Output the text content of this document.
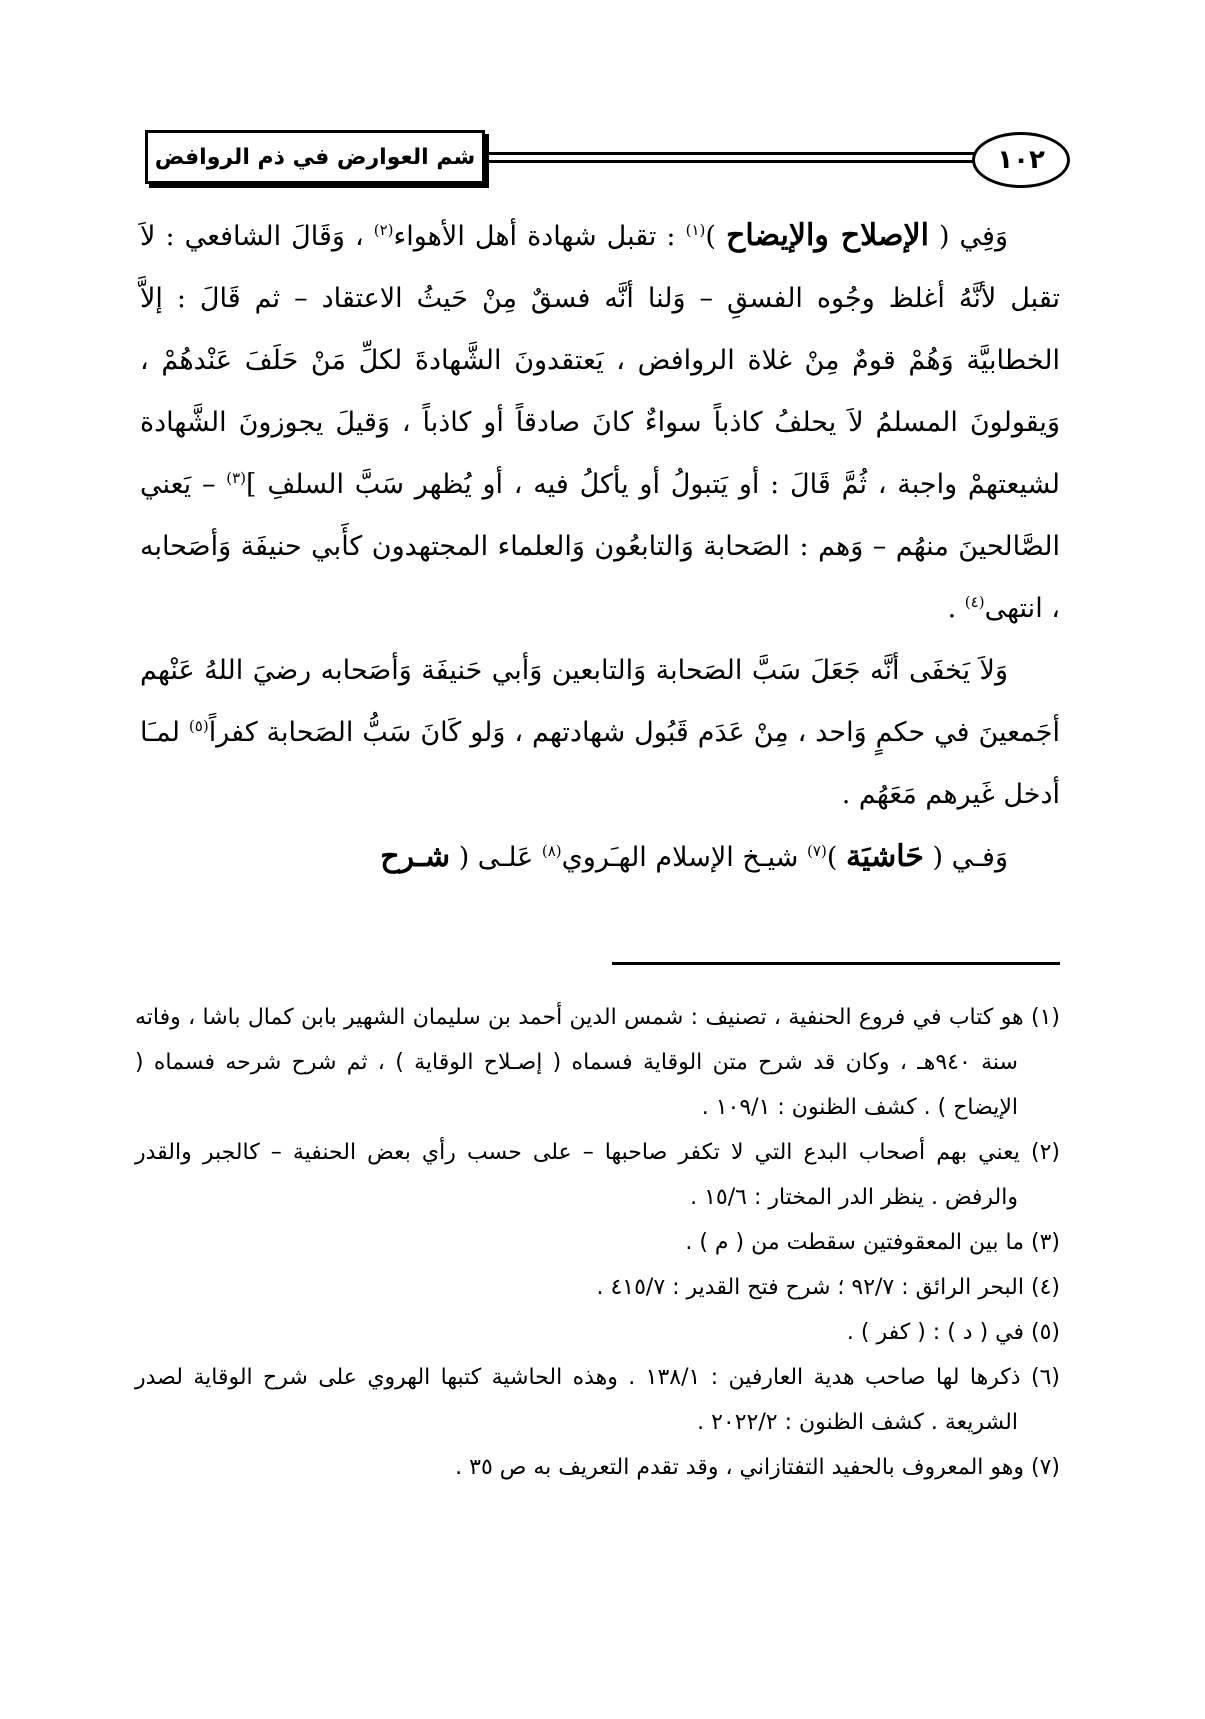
١٠٢
شم العوارض في ذم الروافض

وَفِي ( الإصلاح والإيضاح )$^{(١)}$ : تقبل شهادة أهل الأهواء$^{(٢)}$ ، وَقَالَ الشافعي : لاَ تقبل لأنَّهُ أغلظ وجُوه الفسقِ – وَلنا أنَّه فسقٌ مِنْ حَيثُ الاعتقاد – ثم قَالَ : إلاَّ الخطابيَّة وَهُمْ قومٌ مِنْ غلاة الروافض ، يَعتقدونَ الشَّهادةَ لكلِّ مَنْ حَلَفَ عَنْدهُمْ ، وَيقولونَ المسلمُ لاَ يحلفُ كاذباً سواءٌ كانَ صادقاً أو كاذباً ، وَقيلَ يجوزونَ الشَّهادة لشيعتهمْ واجبة ، ثُمَّ قَالَ : أو يَتبولُ أو يأكلُ فيه ، أو يُظهر سَبَّ السلفِ ]$^{(٣)}$ – يَعني الصَّالحينَ منهُم – وَهم : الصَحابة وَالتابعُون وَالعلماء المجتهدون كأَبي حنيفَة وَأصَحابه ، انتهى$^{(٤)}$ .

وَلاَ يَخفَى أنَّه جَعَلَ سَبَّ الصَحابة وَالتابعين وَأبي حَنيفَة وَأصَحابه رضيَ اللهُ عَنْهم أجَمعينَ في حكمٍ وَاحد ، مِنْ عَدَم قَبُول شهادتهم ، وَلو كَانَ سَبُّ الصَحابة كفراً$^{(٥)}$ لمـَا أدخل غَيرهم مَعَهُم .

وَفـي ( حَاشيَة )$^{(٧)}$ شيـخ الإسلام الهـَروي$^{(٨)}$ عَلـى ( شـرح

(١) هو كتاب في فروع الحنفية ، تصنيف : شمس الدين أحمد بن سليمان الشهير بابن كمال باشا ، وفاته سنة ٩٤٠هـ ، وكان قد شرح متن الوقاية فسماه ( إصـلاح الوقاية ) ، ثم شرح شرحه فسماه ( الإيضاح ) . كشف الظنون : ١٠٩/١ .

(٢) يعني بهم أصحاب البدع التي لا تكفر صاحبها – على حسب رأي بعض الحنفية – كالجبر والقدر والرفض . ينظر الدر المختار : ١٥/٦ .

(٣) ما بين المعقوفتين سقطت من ( م ) .

(٤) البحر الرائق : ٩٢/٧ ؛ شرح فتح القدير : ٤١٥/٧ .

(٥) في ( د ) : ( كفر ) .

(٦) ذكرها لها صاحب هدية العارفين : ١٣٨/١ . وهذه الحاشية كتبها الهروي على شرح الوقاية لصدر الشريعة . كشف الظنون : ٢٠٢٢/٢ .

(٧) وهو المعروف بالحفيد التفتازاني ، وقد تقدم التعريف به ص ٣٥ .
